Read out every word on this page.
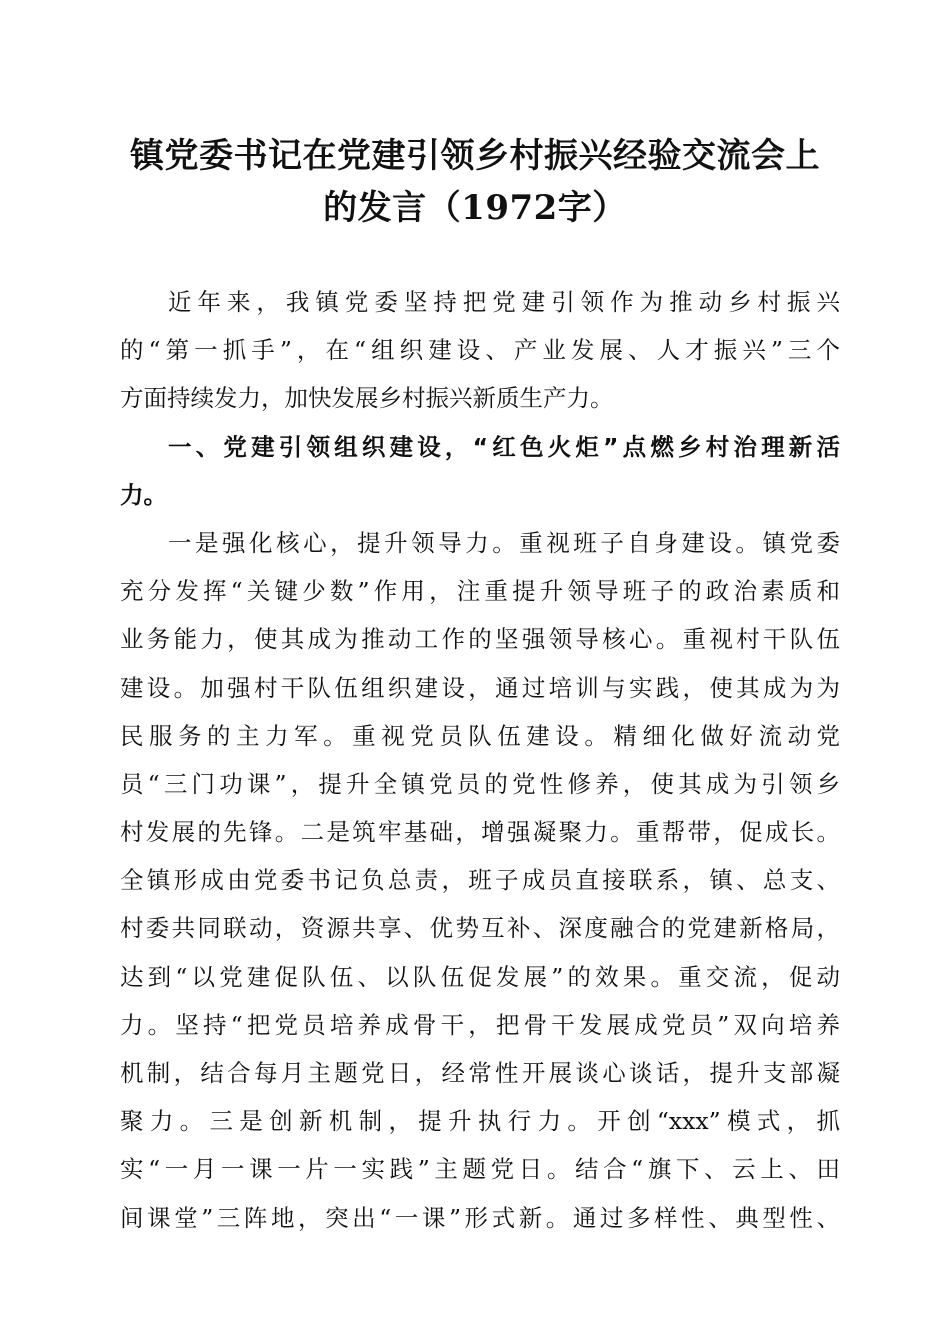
镇党委书记在党建引领乡村振兴经验交流会上
的发言（1972字）
近年来，我镇党委坚持把党建引领作为推动乡村振兴
的“第一抓手”，在“组织建设、产业发展、人才振兴”三个
方面持续发力，加快发展乡村振兴新质生产力。
一、党建引领组织建设，“红色火炬”点燃乡村治理新活
力。
一是强化核心，提升领导力。重视班子自身建设。镇党委
充分发挥“关键少数”作用，注重提升领导班子的政治素质和
业务能力，使其成为推动工作的坚强领导核心。重视村干队伍
建设。加强村干队伍组织建设，通过培训与实践，使其成为为
民服务的主力军。重视党员队伍建设。精细化做好流动党
员“三门功课”，提升全镇党员的党性修养，使其成为引领乡
村发展的先锋。二是筑牢基础，增强凝聚力。重帮带，促成长。
全镇形成由党委书记负总责，班子成员直接联系，镇、总支、
村委共同联动，资源共享、优势互补、深度融合的党建新格局，
达到“以党建促队伍、以队伍促发展”的效果。重交流，促动
力。坚持“把党员培养成骨干，把骨干发展成党员”双向培养
机制，结合每月主题党日，经常性开展谈心谈话，提升支部凝
聚力。三是创新机制，提升执行力。开创“xxx”模式，抓
实“一月一课一片一实践”主题党日。结合“旗下、云上、田
间课堂”三阵地，突出“一课”形式新。通过多样性、典型性、
